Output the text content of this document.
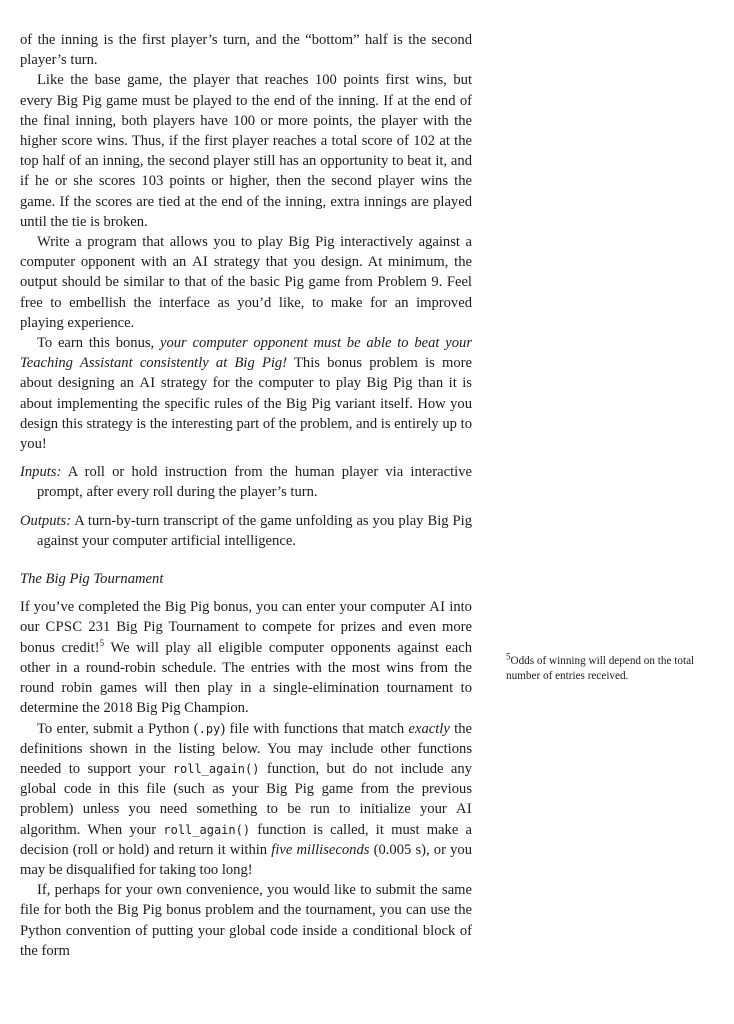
of the inning is the first player’s turn, and the “bottom” half is the second player’s turn.

Like the base game, the player that reaches 100 points first wins, but every Big Pig game must be played to the end of the inning. If at the end of the final inning, both players have 100 or more points, the player with the higher score wins. Thus, if the first player reaches a total score of 102 at the top half of an inning, the second player still has an opportunity to beat it, and if he or she scores 103 points or higher, then the second player wins the game. If the scores are tied at the end of the inning, extra innings are played until the tie is broken.

Write a program that allows you to play Big Pig interactively against a computer opponent with an AI strategy that you design. At minimum, the output should be similar to that of the basic Pig game from Problem 9. Feel free to embellish the interface as you’d like, to make for an improved playing experience.

To earn this bonus, your computer opponent must be able to beat your Teaching Assistant consistently at Big Pig! This bonus problem is more about designing an AI strategy for the computer to play Big Pig than it is about implementing the specific rules of the Big Pig variant itself. How you design this strategy is the interesting part of the problem, and is entirely up to you!

Inputs: A roll or hold instruction from the human player via interactive prompt, after every roll during the player’s turn.

Outputs: A turn-by-turn transcript of the game unfolding as you play Big Pig against your computer artificial intelligence.

The Big Pig Tournament

If you’ve completed the Big Pig bonus, you can enter your computer AI into our CPSC 231 Big Pig Tournament to compete for prizes and even more bonus credit!$^5$ We will play all eligible computer opponents against each other in a round-robin schedule. The entries with the most wins from the round robin games will then play in a single-elimination tournament to determine the 2018 Big Pig Champion.

To enter, submit a Python (.py) file with functions that match exactly the definitions shown in the listing below. You may include other functions needed to support your roll_again() function, but do not include any global code in this file (such as your Big Pig game from the previous problem) unless you need something to be run to initialize your AI algorithm. When your roll_again() function is called, it must make a decision (roll or hold) and return it within five milliseconds (0.005 s), or you may be disqualified for taking too long!

If, perhaps for your own convenience, you would like to submit the same file for both the Big Pig bonus problem and the tournament, you can use the Python convention of putting your global code inside a conditional block of the form

$^5$Odds of winning will depend on the total number of entries received.
